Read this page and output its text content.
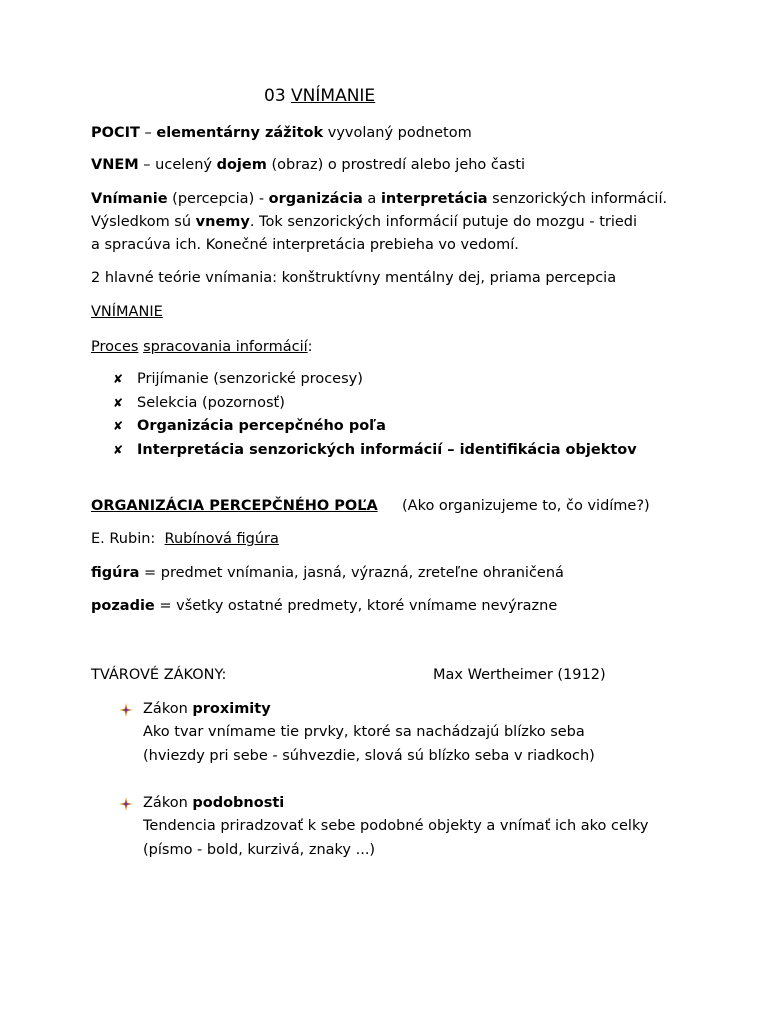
03 VNÍMANIE
POCIT – elementárny zážitok vyvolaný podnetom
VNEM – ucelený dojem (obraz) o prostredí alebo jeho časti
Vnímanie (percepcia) - organizácia a interpretácia senzorických informácií.
Výsledkom sú vnemy. Tok senzorických informácií putuje do mozgu - triedi
a spracúva ich. Konečné interpretácia prebieha vo vedomí.
2 hlavné teórie vnímania: konštruktívny mentálny dej, priama percepcia
VNÍMANIE
Proces spracovania informácií:
✘ Prijímanie (senzorické procesy)
✘ Selekcia (pozornosť)
✘ Organizácia percepčného poľa
✘ Interpretácia senzorických informácií – identifikácia objektov
ORGANIZÁCIA PERCEPČNÉHO POĽA (Ako organizujeme to, čo vidíme?)
E. Rubin:  Rubínová figúra
figúra = predmet vnímania, jasná, výrazná, zreteľne ohraničená
pozadie = všetky ostatné predmety, ktoré vnímame nevýrazne
TVÁROVÉ ZÁKONY:	Max Wertheimer (1912)
Zákon proximity
Ako tvar vnímame tie prvky, ktoré sa nachádzajú blízko seba
(hviezdy pri sebe - súhvezdie, slová sú blízko seba v riadkoch)
Zákon podobnosti
Tendencia priradzovať k sebe podobné objekty a vnímať ich ako celky
(písmo - bold, kurzivá, znaky ...)
